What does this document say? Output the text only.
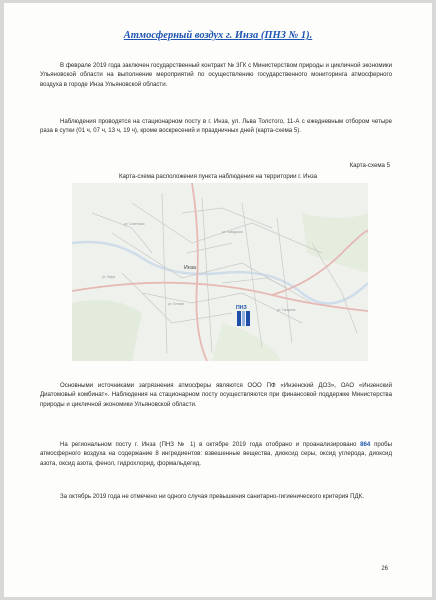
Атмосферный воздух г. Инза (ПНЗ № 1).

В феврале 2019 года заключен государственный контракт № 3ГК с Министерством природы и цикличной экономики Ульяновской области на выполнение мероприятий по осуществлению государственного мониторинга атмосферного воздуха в городе Инза Ульяновской области.

Наблюдения проводятся на стационарном посту в г. Инза, ул. Льва Толстого, 11-А с ежедневным отбором четыре раза в сутки (01 ч, 07 ч, 13 ч, 19 ч), кроме воскресений и праздничных дней (карта-схема 5).

Карта-схема 5
Карта-схема расположения пункта наблюдения на территории г. Инза
ул. Советская
ул. Заводская
ул. Ленина
ул. Гагарина
ул. Мира
Инза
ПНЗ

Основными источниками загрязнения атмосферы являются ООО ПФ «Инзенский ДОЗ», ОАО «Инзенский Диатомовый комбинат». Наблюдения на стационарном посту осуществляются при финансовой поддержке Министерства природы и цикличной экономики Ульяновской области.

На региональном посту г. Инза (ПНЗ № 1) в октябре 2019 года отобрано и проанализировано 864 пробы атмосферного воздуха на содержание 8 ингредиентов: взвешенные вещества, диоксид серы, оксид углерода, диоксид азота, оксид азота, фенол, гидрохлорид, формальдегид.

За октябрь 2019 года не отмечено ни одного случая превышения санитарно-гигиенического критерия ПДК.

26
